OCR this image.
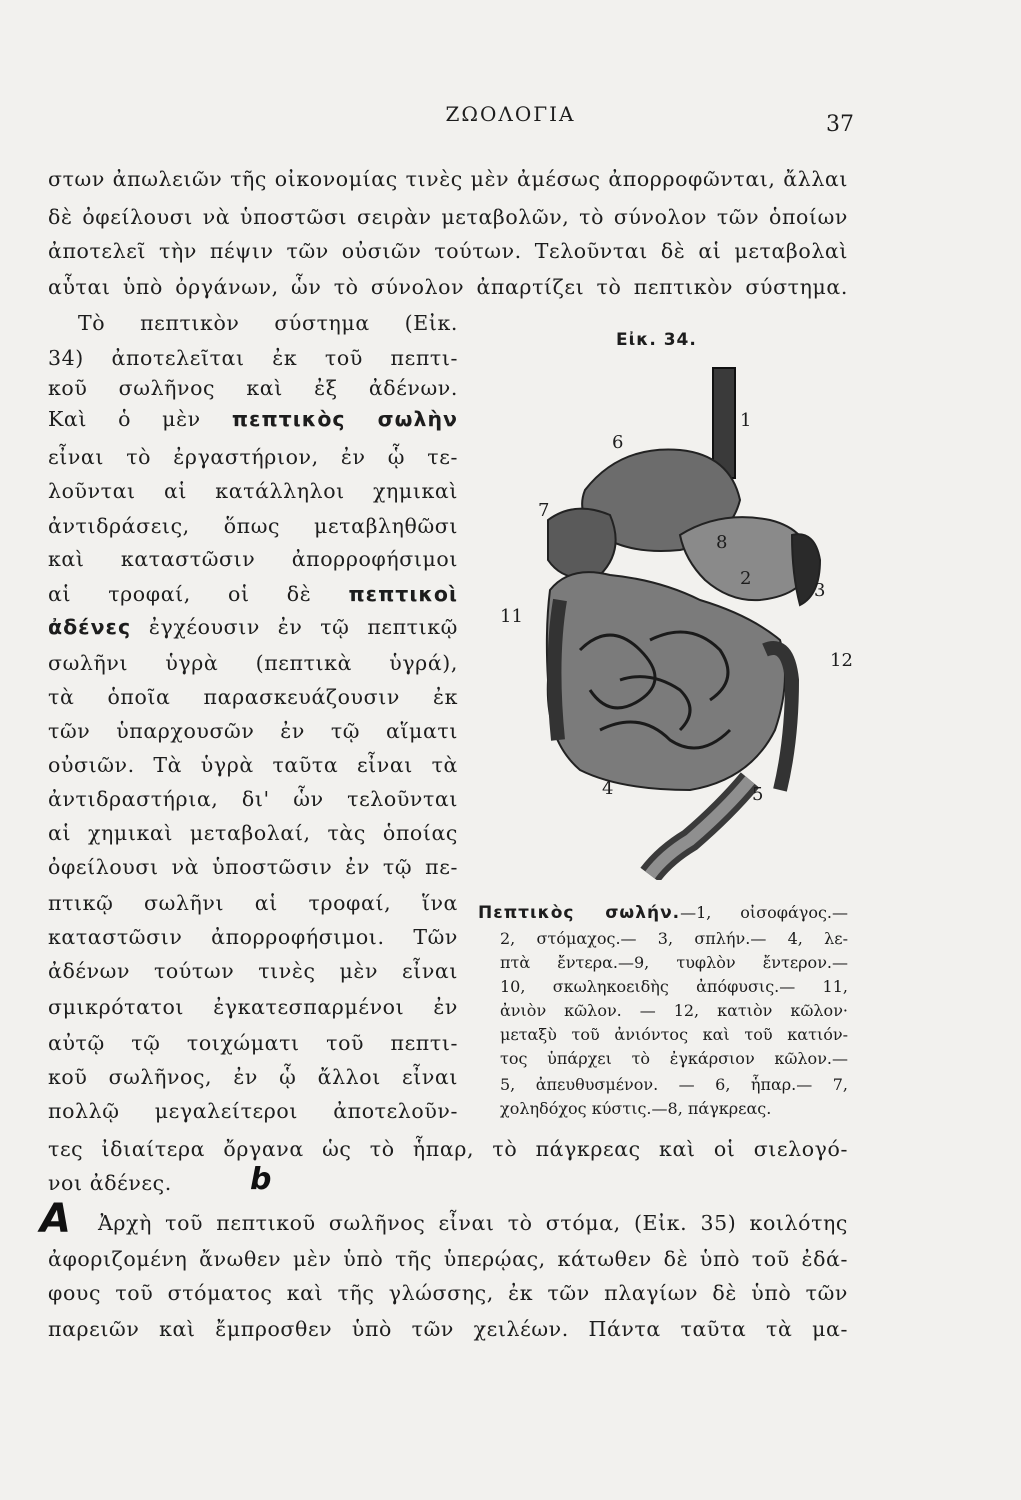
ΖΩΟΛΟΓΙΑ	37
στων ἀπωλειῶν τῆς οἰκονομίας τινὲς μὲν ἀμέσως ἀπορροφῶνται, ἄλλαι
δὲ ὀφείλουσι νὰ ὑποστῶσι σειρὰν μεταβολῶν, τὸ σύνολον τῶν ὁποίων
ἀποτελεῖ τὴν πέψιν τῶν οὐσιῶν τούτων. Τελοῦνται δὲ αἱ μεταβολαὶ
αὗται ὑπὸ ὀργάνων, ὧν τὸ σύνολον ἀπαρτίζει τὸ πεπτικὸν σύστημα.
Τὸ πεπτικὸν σύστημα (Εἰκ.
34) ἀποτελεῖται ἐκ τοῦ πεπτι-
κοῦ σωλῆνος καὶ ἐξ ἀδένων.
Καὶ ὁ μὲν πεπτικὸς σωλὴν
εἶναι τὸ ἐργαστήριον, ἐν ᾧ τε-
λοῦνται αἱ κατάλληλοι χημικαὶ
ἀντιδράσεις, ὅπως μεταβληθῶσι
καὶ καταστῶσιν ἀπορροφήσιμοι
αἱ τροφαί, οἱ δὲ πεπτικοὶ
ἀδένες ἐγχέουσιν ἐν τῷ πεπτικῷ
σωλῆνι ὑγρὰ (πεπτικὰ ὑγρά),
τὰ ὁποῖα παρασκευάζουσιν ἐκ
τῶν ὑπαρχουσῶν ἐν τῷ αἵματι
οὐσιῶν. Τὰ ὑγρὰ ταῦτα εἶναι τὰ
ἀντιδραστήρια, δι' ὧν τελοῦνται
αἱ χημικαὶ μεταβολαί, τὰς ὁποίας
ὀφείλουσι νὰ ὑποστῶσιν ἐν τῷ πε-
πτικῷ σωλῆνι αἱ τροφαί, ἵνα
καταστῶσιν ἀπορροφήσιμοι. Τῶν
ἀδένων τούτων τινὲς μὲν εἶναι
σμικρότατοι ἐγκατεσπαρμένοι ἐν
αὐτῷ τῷ τοιχώματι τοῦ πεπτι-
κοῦ σωλῆνος, ἐν ᾧ ἄλλοι εἶναι
πολλῷ μεγαλείτεροι ἀποτελοῦν-
Εἰκ. 34.
1
2
3
4	5
6
7
8
11
12
Πεπτικὸς σωλήν.—1, οἰσοφάγος.—
2, στόμαχος.— 3, σπλήν.— 4, λε-
πτὰ ἔντερα.—9, τυφλὸν ἔντερον.—
10, σκωληκοειδὴς ἀπόφυσις.— 11,
ἀνιὸν κῶλον. — 12, κατιὸν κῶλον·
μεταξὺ τοῦ ἀνιόντος καὶ τοῦ κατιόν-
τος ὑπάρχει τὸ ἐγκάρσιον κῶλον.—
5, ἀπευθυσμένον. — 6, ἧπαρ.— 7,
χοληδόχος κύστις.—8, πάγκρεας.
τες ἰδιαίτερα ὄργανα ὡς τὸ ἧπαρ, τὸ πάγκρεας καὶ οἱ σιελογό-
νοι ἀδένες.
Ἀρχὴ τοῦ πεπτικοῦ σωλῆνος εἶναι τὸ στόμα, (Εἰκ. 35) κοιλότης
ἀφοριζομένη ἄνωθεν μὲν ὑπὸ τῆς ὑπερῴας, κάτωθεν δὲ ὑπὸ τοῦ ἐδά-
φους τοῦ στόματος καὶ τῆς γλώσσης, ἐκ τῶν πλαγίων δὲ ὑπὸ τῶν
παρειῶν καὶ ἔμπροσθεν ὑπὸ τῶν χειλέων. Πάντα ταῦτα τὰ μα-
A
b
